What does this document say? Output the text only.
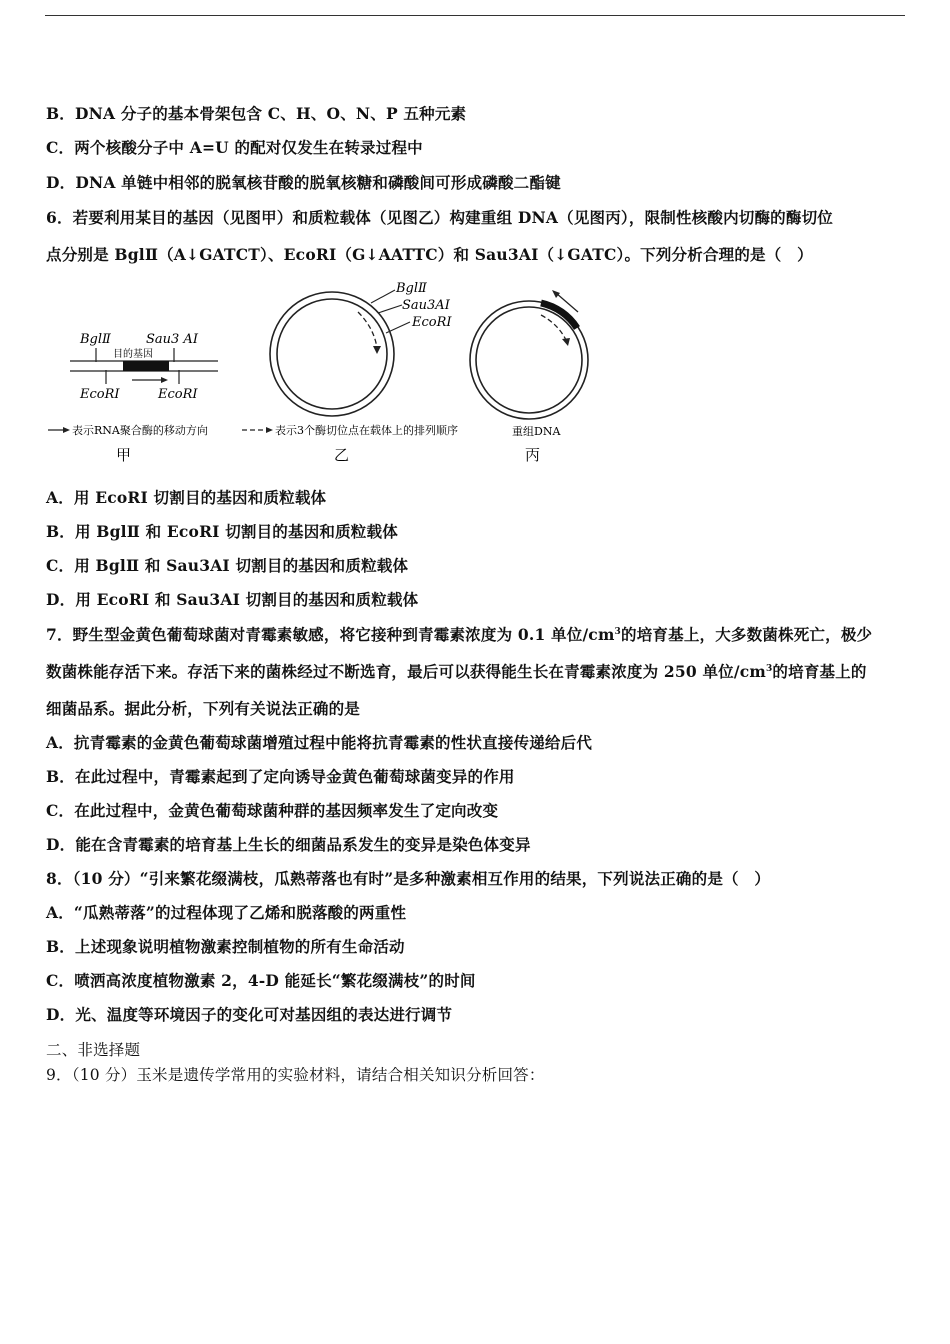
B．DNA 分子的基本骨架包含 C、H、O、N、P 五种元素
C．两个核酸分子中 A=U 的配对仅发生在转录过程中
D．DNA 单链中相邻的脱氧核苷酸的脱氧核糖和磷酸间可形成磷酸二酯键
6．若要利用某目的基因（见图甲）和质粒载体（见图乙）构建重组 DNA（见图丙），限制性核酸内切酶的酶切位
点分别是 BglⅡ（A↓GATCT）、EcoRⅠ（G↓AATTC）和 Sau3AⅠ（↓GATC）。下列分析合理的是（　）
BglⅡ	Sau3 AⅠ
目的基因
EcoRⅠ	EcoRⅠ
表示RNA聚合酶的移动方向
甲
BglⅡ
Sau3AⅠ
EcoRⅠ
表示3个酶切位点在载体上的排列顺序
乙
重组DNA
丙
A．用 EcoRⅠ 切割目的基因和质粒载体
B．用 BglⅡ 和 EcoRⅠ 切割目的基因和质粒载体
C．用 BglⅡ 和 Sau3AⅠ 切割目的基因和质粒载体
D．用 EcoRⅠ 和 Sau3AⅠ 切割目的基因和质粒载体
7．野生型金黄色葡萄球菌对青霉素敏感，将它接种到青霉素浓度为 0.1 单位$/cm^3$的培育基上，大多数菌株死亡，极少
数菌株能存活下来。存活下来的菌株经过不断选育，最后可以获得能生长在青霉素浓度为 250 单位$/cm^3$的培育基上的
细菌品系。据此分析，下列有关说法正确的是
A．抗青霉素的金黄色葡萄球菌增殖过程中能将抗青霉素的性状直接传递给后代
B．在此过程中，青霉素起到了定向诱导金黄色葡萄球菌变异的作用
C．在此过程中，金黄色葡萄球菌种群的基因频率发生了定向改变
D．能在含青霉素的培育基上生长的细菌品系发生的变异是染色体变异
8．（10 分）“引来繁花缀满枝，瓜熟蒂落也有时”是多种激素相互作用的结果，下列说法正确的是（　）
A．“瓜熟蒂落”的过程体现了乙烯和脱落酸的两重性
B．上述现象说明植物激素控制植物的所有生命活动
C．喷洒高浓度植物激素 2，4-D 能延长“繁花缀满枝”的时间
D．光、温度等环境因子的变化可对基因组的表达进行调节
二、非选择题
9．（10 分）玉米是遗传学常用的实验材料，请结合相关知识分析回答：
